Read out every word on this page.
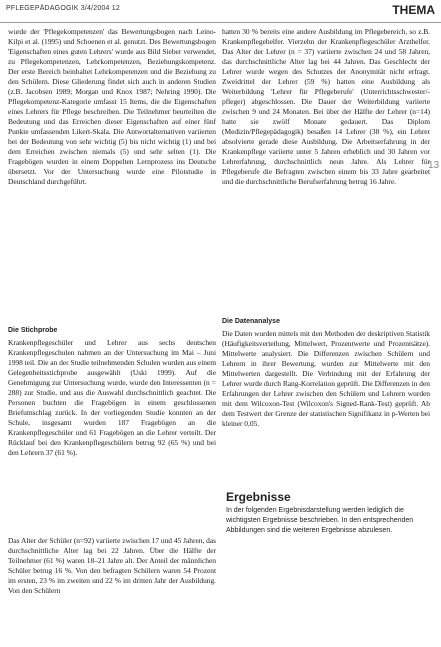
PFLEGEPÄDAGOGIK 3/4/2004 12	THEMA
13
wurde der 'Pflegekompetenzen' das Bewertungsbogen nach Leino-Kilpi et al. (1995) und Schoenen et al. genutzt. Des Bewertungsbogen 'Eigenschaften eines guten Lehrers' wurde aus Bild Sieber verwendet, zu Pflegekompetenzen, Lehrkompetenzen, Beziehungskompetenz. Der erste Bereich beinhaltet Lehrkompetenzen und die Beziehung zu den Schülern. Diese Gliederung findet sich auch in anderen Studien (z.B. Jacobsen 1989; Morgan und Knox 1987; Nehring 1990). Die Pflegekompetenz-Kategorie umfasst 15 Items, die die Eigenschaften eines Lehrers für Pflege beschreiben. Die Teilnehmer beurteilten die Bedeutung und das Erreichen dieser Eigenschaften auf einer fünf Punkte umfassenden Likert-Skala. Die Antwortalternativen variierten bei der Bedeutung von sehr wichtig (5) bis nicht wichtig (1) und bei dem Erreichen zwischen niemals (5) und sehr selten (1). Die Fragebögen wurden in einem Doppelten Lernprozess ins Deutsche übersetzt. Vor der Untersuchung wurde eine Pilotstudie in Deutschland durchgeführt.
Die Stichprobe
Krankenpflegeschüler und Lehrer aus sechs deutschen Krankenpflegeschulen nahmen an der Untersuchung im Mai – Juni 1998 teil. Die an der Studie teilnehmenden Schulen wurden aus einem Gelegenheitsstichprobe ausgewählt (Uski 1999). Auf die Genehmigung zur Untersuchung wurde, wurde den Interessenten (n = 288) zur Studie, und aus die Auswahl durchschnittlich geachtet. Die Personen buchten die Fragebögen in einem geschlossenen Briefumschlag zurück. In der vorliegenden Studie konnten an der Schule, insgesamt wurden 187 Fragebögen an die Krankenpflegeschüler und 61 Fragebögen an die Lehrer verteilt. Der Rücklauf bei den Krankenpflegeschülern betrug 92 (65 %) und bei den Lehrern 37 (61 %).
Das Alter der Schüler (n=92) variierte zwischen 17 und 45 Jahren, das durchschnittliche Alter lag bei 22 Jahren. Über die Hälfte der Teilnehmer (61 %) waren 18–21 Jahre alt. Der Anteil der männlichen Schüler betrug 16 %. Von den befragten Schülern waren 54 Prozent im ersten, 23 % im zweiten und 22 % im dritten Jahr der Ausbildung. Von den Schülern
hatten 30 % bereits eine andere Ausbildung im Pflegebereich, so z.B. Krankenpflegehelfer. Vierzehn der Krankenpflegeschüler Arzthelfer. Das Alter der Lehrer (n = 37) variierte zwischen 24 und 58 Jahren, das durchschnittliche Alter lag bei 44 Jahren. Das Geschlecht der Lehrer wurde wegen des Schutzes der Anonymität nicht erfragt. Zweidrittel der Lehrer (59 %) hatten eine Ausbildung als Weiterbildung 'Lehrer für Pflegeberufe' (Unterrichtsschwester/-pfleger) abgeschlossen. Die Dauer der Weiterbildung variierte zwischen 9 und 24 Monaten. Bei über der Hälfte der Lehrer (n=14) hatte sie zwölf Monate gedauert. Das Diplom (Medizin/Pflegepädagogik) besaßen 14 Lehrer (38 %), ein Lehrer absolvierte gerade diese Ausbildung. Die Arbeitserfahrung in der Krankenpflege variierte unter 5 Jahren erheblich und 30 Jahren vor Lehrerfahrung, durchschnittlich neun Jahre. Als Lehrer für Pflegeberufe die Befragten zwischen einem bis 33 Jahre gearbeitet und die durchschnittliche Berufserfahrung betrug 16 Jahre.
Die Datenanalyse
Die Daten wurden mittels mit den Methoden der deskriptiven Statistik (Häufigkeitsverteilung, Mittelwert, Prozentwerte und Prozentsätze). Mittelwerte analysiert. Die Differenzen zwischen Schülern und Lehrern in ihrer Bewertung, wurden zur Mittelwerte mit den Mittelwerten dargestellt. Die Verbindung mit der Erfahrung der Lehrer wurde durch Rang-Korrelation geprüft. Die Differenzen in den Erfahrungen der Lehrer zwischen den Schülern und Lehrern wurden mit dem Wilcoxon-Test (Wilcoxon's Signed-Rank-Test) geprüft. Ab dem Testwert der Grenze der statistischen Signifikanz in p-Werten bei kleiner 0,05.
Ergebnisse
In der folgenden Ergebnisdarstellung werden lediglich die wichtigsten Ergebnisse beschrieben. In den entsprechenden Abbildungen sind die weiteren Ergebnisse abzulesen.
